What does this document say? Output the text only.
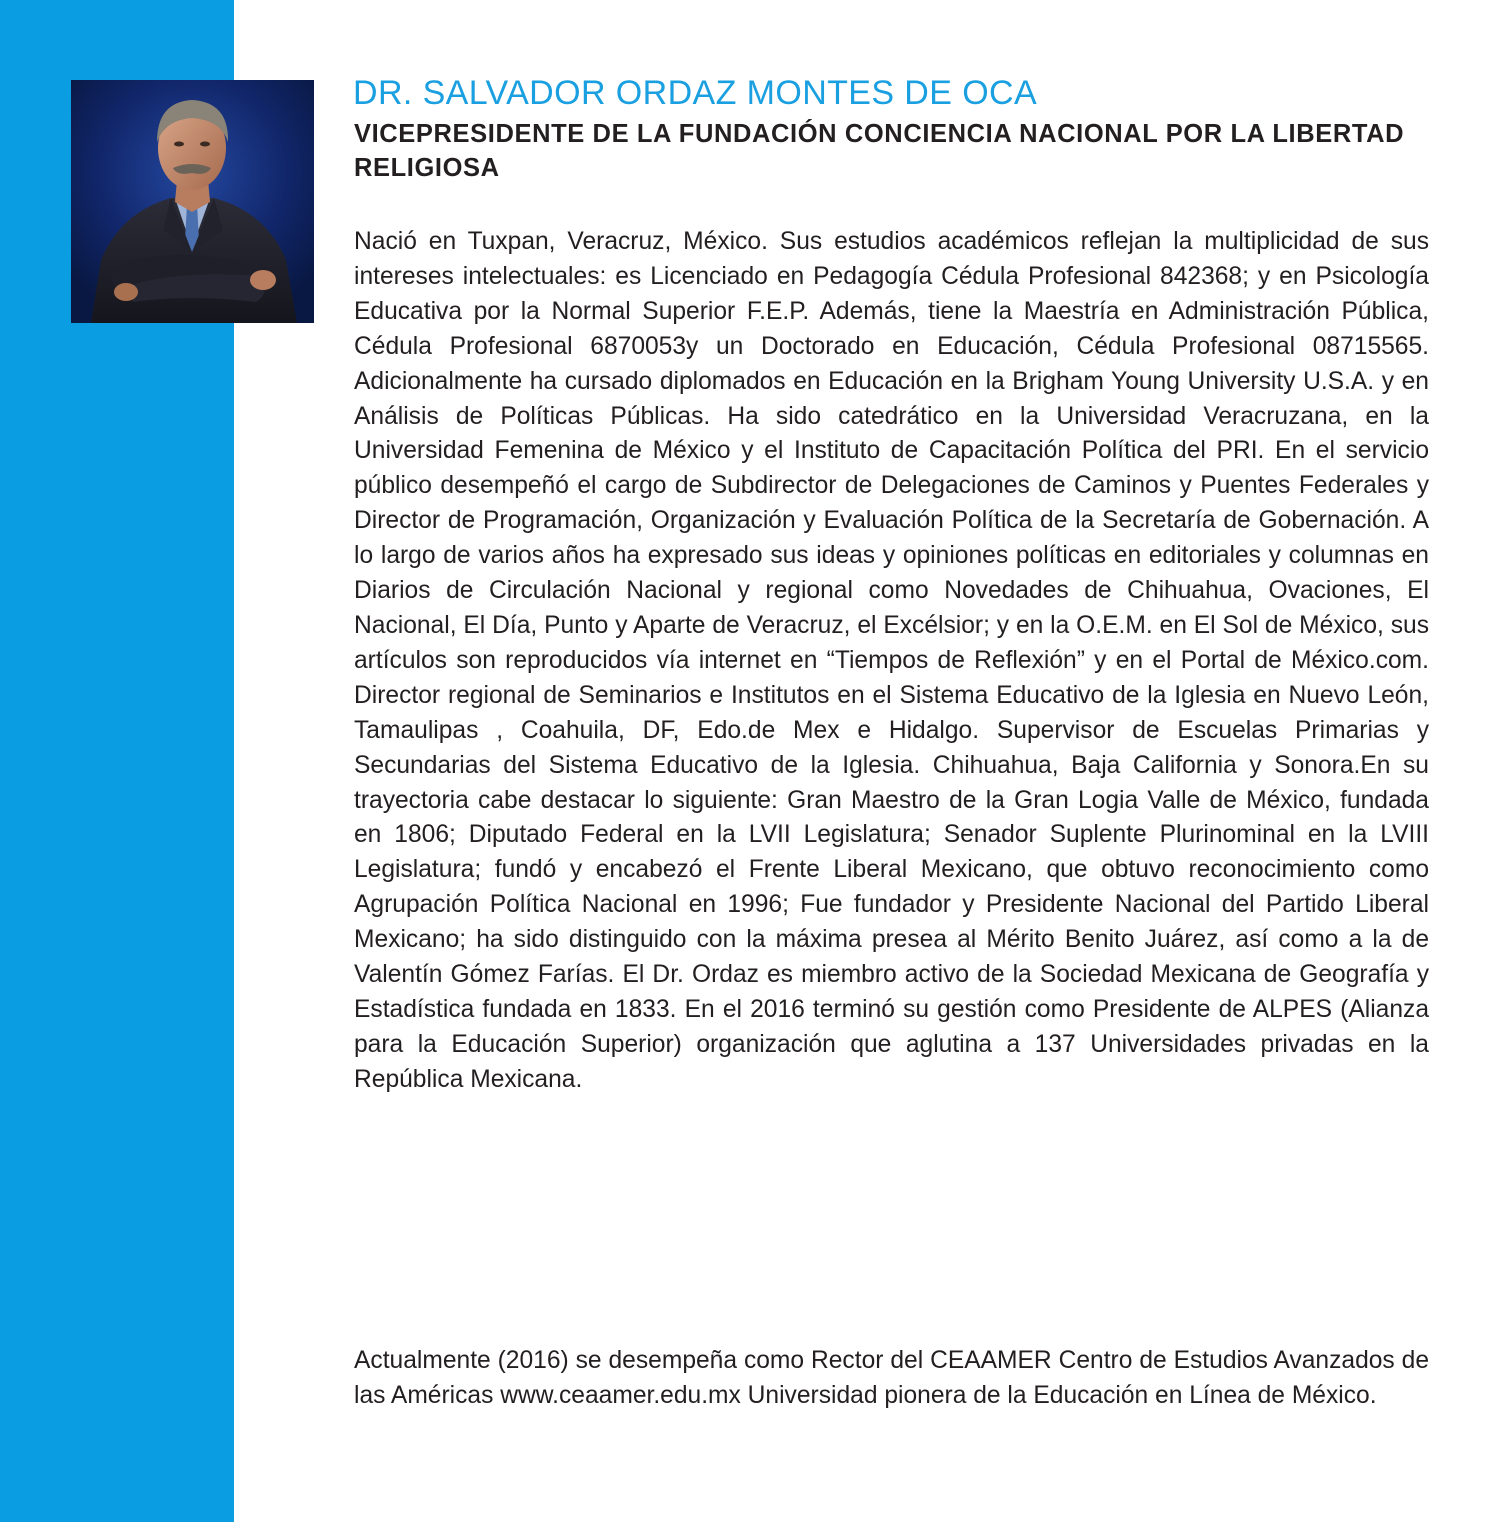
DR. SALVADOR ORDAZ MONTES DE OCA
VICEPRESIDENTE DE LA FUNDACIÓN CONCIENCIA NACIONAL POR LA LIBERTAD RELIGIOSA

Nació en Tuxpan, Veracruz, México. Sus estudios académicos reflejan la multiplicidad de sus intereses intelectuales: es Licenciado en Pedagogía Cédula Profesional 842368; y en Psicología Educativa por la Normal Superior F.E.P. Además, tiene la Maestría en Administración Pública, Cédula Profesional 6870053y un Doctorado en Educación, Cédula Profesional 08715565. Adicionalmente ha cursado diplomados en Educación en la Brigham Young University U.S.A. y en Análisis de Políticas Públicas. Ha sido catedrático en la Universidad Veracruzana, en la Universidad Femenina de México y el Instituto de Capacitación Política del PRI. En el servicio público desempeñó el cargo de Subdirector de Delegaciones de Caminos y Puentes Federales y Director de Programación, Organización y Evaluación Política de la Secretaría de Gobernación. A lo largo de varios años ha expresado sus ideas y opiniones políticas en editoriales y columnas en Diarios de Circulación Nacional y regional como Novedades de Chihuahua, Ovaciones, El Nacional, El Día, Punto y Aparte de Veracruz, el Excélsior; y en la O.E.M. en El Sol de México, sus artículos son reproducidos vía internet en “Tiempos de Reflexión” y en el Portal de México.com. Director regional de Seminarios e Institutos en el Sistema Educativo de la Iglesia en Nuevo León, Tamaulipas , Coahuila, DF, Edo.de Mex e Hidalgo. Supervisor de Escuelas Primarias y Secundarias del Sistema Educativo de la Iglesia. Chihuahua, Baja California y Sonora.En su trayectoria cabe destacar lo siguiente: Gran Maestro de la Gran Logia Valle de México, fundada en 1806; Diputado Federal en la LVII Legislatura; Senador Suplente Plurinominal en la LVIII Legislatura; fundó y encabezó el Frente Liberal Mexicano, que obtuvo reconocimiento como Agrupación Política Nacional en 1996; Fue fundador y Presidente Nacional del Partido Liberal Mexicano; ha sido distinguido con la máxima presea al Mérito Benito Juárez, así como a la de Valentín Gómez Farías. El Dr. Ordaz es miembro activo de la Sociedad Mexicana de Geografía y Estadística fundada en 1833. En el 2016 terminó su gestión como Presidente de ALPES (Alianza para la Educación Superior) organización que aglutina a 137 Universidades privadas en la República Mexicana.

Actualmente (2016) se desempeña como Rector del CEAAMER Centro de Estudios Avanzados de las Américas www.ceaamer.edu.mx Universidad pionera de la Educación en Línea de México.
